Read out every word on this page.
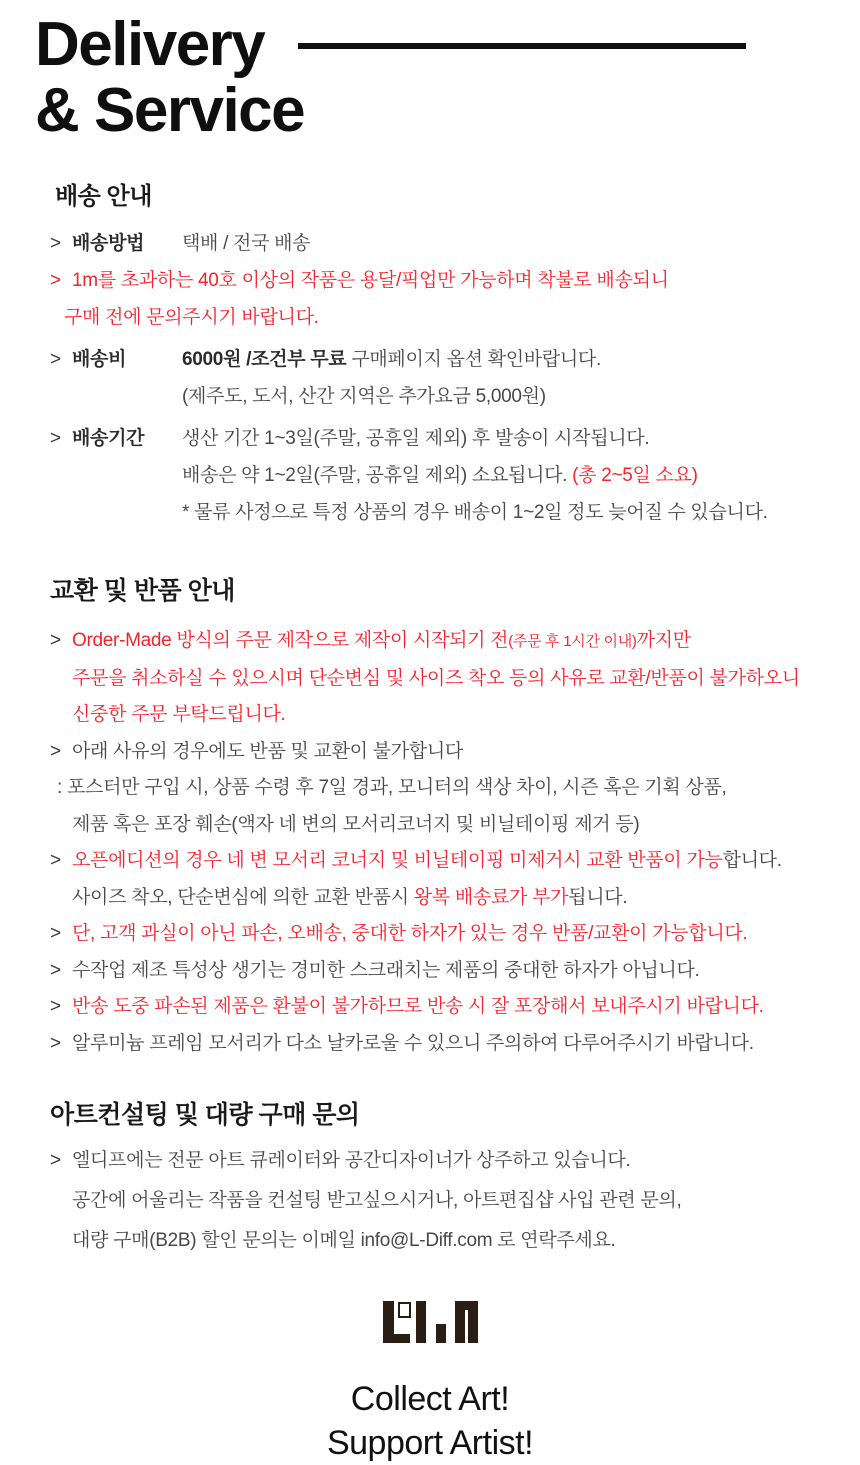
Delivery
& Service
배송 안내
> 배송방법	택배 / 전국 배송
> 1m를 초과하는 40호 이상의 작품은 용달/픽업만 가능하며 착불로 배송되니
구매 전에 문의주시기 바랍니다.
> 배송비	6000원 /조건부 무료 구매페이지 옵션 확인바랍니다.
(제주도, 도서, 산간 지역은 추가요금 5,000원)
> 배송기간	생산 기간 1~3일(주말, 공휴일 제외) 후 발송이 시작됩니다.
배송은 약 1~2일(주말, 공휴일 제외) 소요됩니다. (총 2~5일 소요)
* 물류 사정으로 특정 상품의 경우 배송이 1~2일 정도 늦어질 수 있습니다.
교환 및 반품 안내
> Order-Made 방식의 주문 제작으로 제작이 시작되기 전(주문 후 1시간 이내)까지만
주문을 취소하실 수 있으시며 단순변심 및 사이즈 착오 등의 사유로 교환/반품이 불가하오니
신중한 주문 부탁드립니다.
> 아래 사유의 경우에도 반품 및 교환이 불가합니다
: 포스터만 구입 시, 상품 수령 후 7일 경과, 모니터의 색상 차이, 시즌 혹은 기획 상품,
제품 혹은 포장 훼손(액자 네 변의 모서리코너지 및 비닐테이핑 제거 등)
> 오픈에디션의 경우 네 변 모서리 코너지 및 비닐테이핑 미제거시 교환 반품이 가능합니다.
사이즈 착오, 단순변심에 의한 교환 반품시 왕복 배송료가 부가됩니다.
> 단, 고객 과실이 아닌 파손, 오배송, 중대한 하자가 있는 경우 반품/교환이 가능합니다.
> 수작업 제조 특성상 생기는 경미한 스크래치는 제품의 중대한 하자가 아닙니다.
> 반송 도중 파손된 제품은 환불이 불가하므로 반송 시 잘 포장해서 보내주시기 바랍니다.
> 알루미늄 프레임 모서리가 다소 날카로울 수 있으니 주의하여 다루어주시기 바랍니다.
아트컨설팅 및 대량 구매 문의
> 엘디프에는 전문 아트 큐레이터와 공간디자이너가 상주하고 있습니다.
공간에 어울리는 작품을 컨설팅 받고싶으시거나, 아트편집샵 사입 관련 문의,
대량 구매(B2B) 할인 문의는 이메일 info@L-Diff.com 로 연락주세요.
Collect Art!
Support Artist!
